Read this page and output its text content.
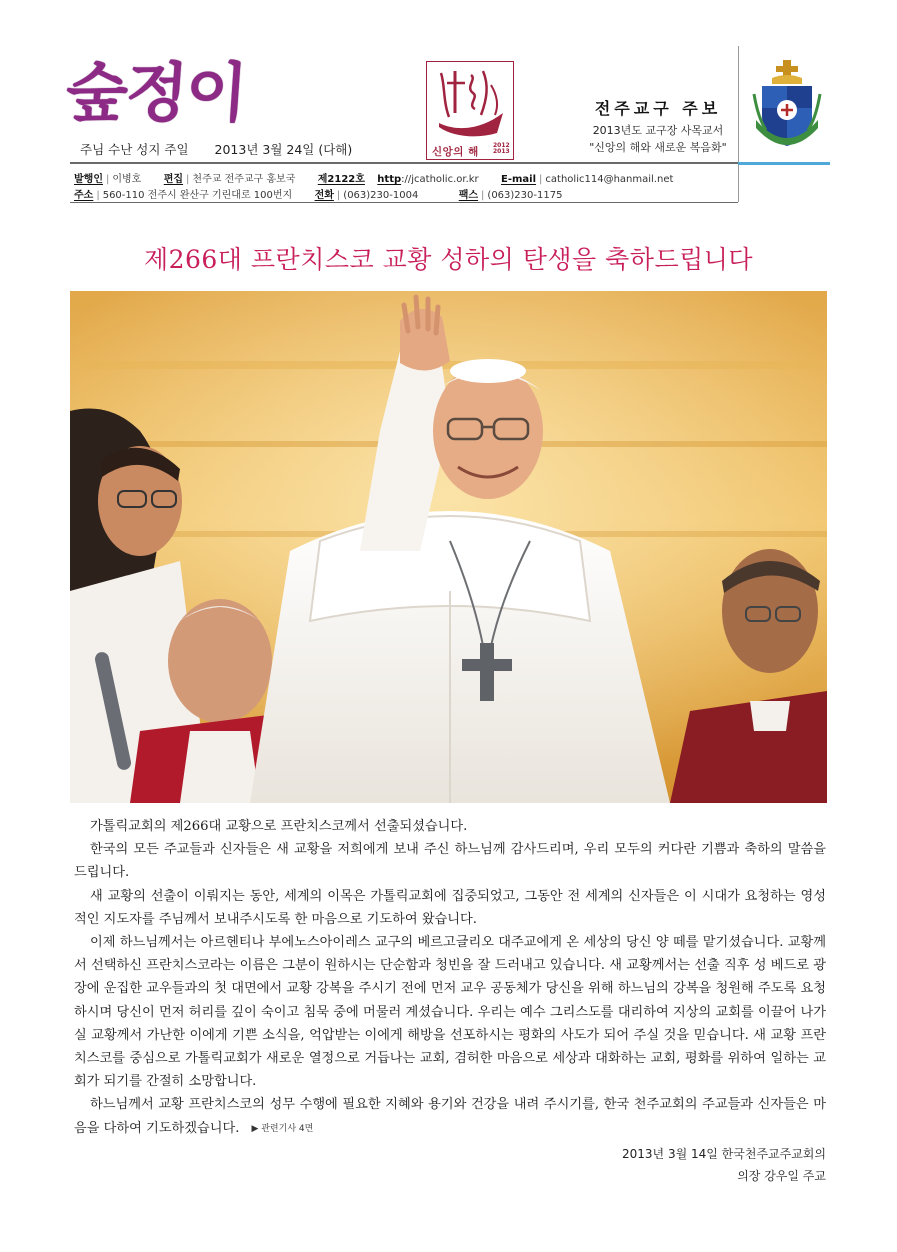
숲정이
주님 수난 성지 주일 2013년 3월 24일 (다해)	신앙의 해
2012
2013
전주교구 주보
2013년도 교구장 사목교서
"신앙의 해와 새로운 복음화"
발행인 | 이병호 편집 | 천주교 전주교구 홍보국 제2122호 http://jcatholic.or.kr E-mail | catholic114@hanmail.net
주소 | 560-110 전주시 완산구 기린대로 100번지 전화 | (063)230-1004	팩스 | (063)230-1175
제266대 프란치스코 교황 성하의 탄생을 축하드립니다

가톨릭교회의 제266대 교황으로 프란치스코께서 선출되셨습니다.

한국의 모든 주교들과 신자들은 새 교황을 저희에게 보내 주신 하느님께 감사드리며, 우리 모두의 커다란 기쁨과 축하의 말씀을 드립니다.

새 교황의 선출이 이뤄지는 동안, 세계의 이목은 가톨릭교회에 집중되었고, 그동안 전 세계의 신자들은 이 시대가 요청하는 영성적인 지도자를 주님께서 보내주시도록 한 마음으로 기도하여 왔습니다.

이제 하느님께서는 아르헨티나 부에노스아이레스 교구의 베르고글리오 대주교에게 온 세상의 당신 양 떼를 맡기셨습니다. 교황께서 선택하신 프란치스코라는 이름은 그분이 원하시는 단순함과 청빈을 잘 드러내고 있습니다. 새 교황께서는 선출 직후 성 베드로 광장에 운집한 교우들과의 첫 대면에서 교황 강복을 주시기 전에 먼저 교우 공동체가 당신을 위해 하느님의 강복을 청원해 주도록 요청하시며 당신이 먼저 허리를 깊이 숙이고 침묵 중에 머물러 계셨습니다. 우리는 예수 그리스도를 대리하여 지상의 교회를 이끌어 나가실 교황께서 가난한 이에게 기쁜 소식을, 억압받는 이에게 해방을 선포하시는 평화의 사도가 되어 주실 것을 믿습니다. 새 교황 프란치스코를 중심으로 가톨릭교회가 새로운 열정으로 거듭나는 교회, 겸허한 마음으로 세상과 대화하는 교회, 평화를 위하여 일하는 교회가 되기를 간절히 소망합니다.

하느님께서 교황 프란치스코의 성무 수행에 필요한 지혜와 용기와 건강을 내려 주시기를, 한국 천주교회의 주교들과 신자들은 마음을 다하여 기도하겠습니다. ▶ 관련기사 4면

2013년 3월 14일 한국천주교주교회의
의장 강우일 주교
